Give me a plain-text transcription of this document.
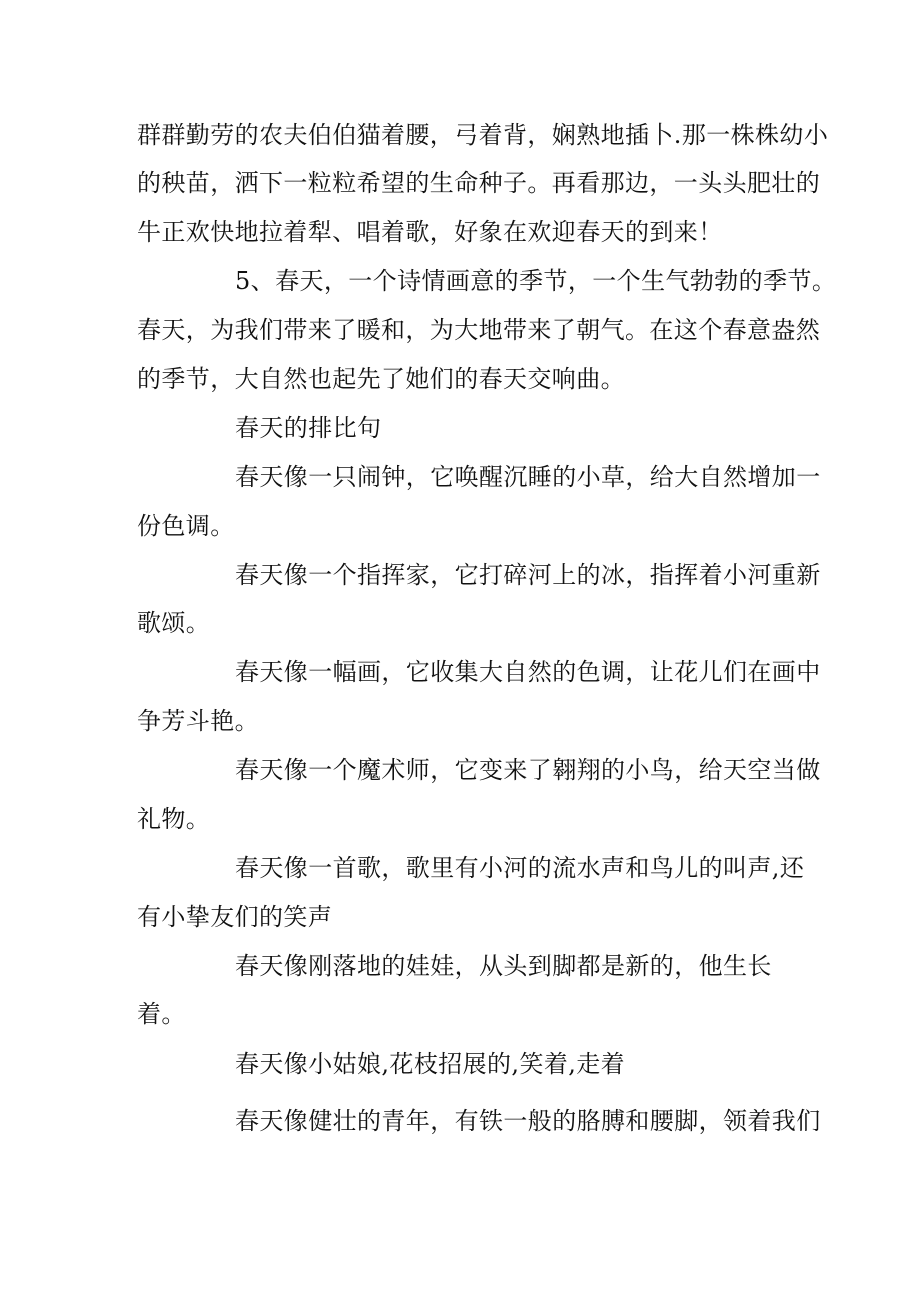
群群勤劳的农夫伯伯猫着腰，弓着背，娴熟地插卜.那一株株幼小
的秧苗，洒下一粒粒希望的生命种子。再看那边，一头头肥壮的
牛正欢快地拉着犁、唱着歌，好象在欢迎春天的到来！
5、春天，一个诗情画意的季节，一个生气勃勃的季节。
春天，为我们带来了暖和，为大地带来了朝气。在这个春意盎然
的季节，大自然也起先了她们的春天交响曲。
春天的排比句
春天像一只闹钟，它唤醒沉睡的小草，给大自然增加一
份色调。
春天像一个指挥家，它打碎河上的冰，指挥着小河重新
歌颂。
春天像一幅画，它收集大自然的色调，让花儿们在画中
争芳斗艳。
春天像一个魔术师，它变来了翱翔的小鸟，给天空当做
礼物。
春天像一首歌，歌里有小河的流水声和鸟儿的叫声,还
有小挚友们的笑声
春天像刚落地的娃娃，从头到脚都是新的，他生长
着。
春天像小姑娘,花枝招展的,笑着,走着
春天像健壮的青年，有铁一般的胳膊和腰脚，领着我们
